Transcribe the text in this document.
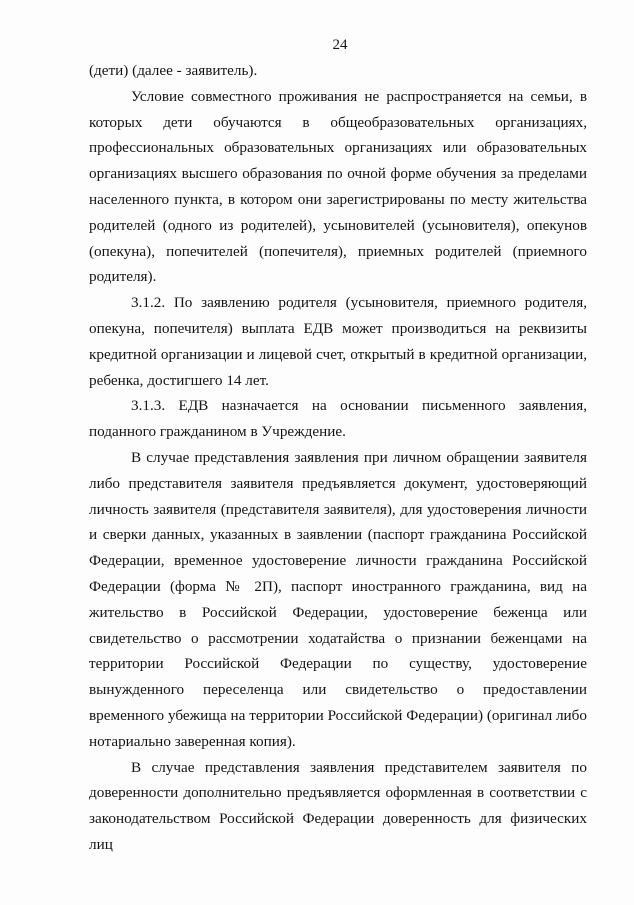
24

(дети) (далее - заявитель).

Условие совместного проживания не распространяется на семьи, в которых дети обучаются в общеобразовательных организациях, профессиональных образовательных организациях или образовательных организациях высшего образования по очной форме обучения за пределами населенного пункта, в котором они зарегистрированы по месту жительства родителей (одного из родителей), усыновителей (усыновителя), опекунов (опекуна), попечителей (попечителя), приемных родителей (приемного родителя).

3.1.2. По заявлению родителя (усыновителя, приемного родителя, опекуна, попечителя) выплата ЕДВ может производиться на реквизиты кредитной организации и лицевой счет, открытый в кредитной организации, ребенка, достигшего 14 лет.

3.1.3. ЕДВ назначается на основании письменного заявления, поданного гражданином в Учреждение.

В случае представления заявления при личном обращении заявителя либо представителя заявителя предъявляется документ, удостоверяющий личность заявителя (представителя заявителя), для удостоверения личности и сверки данных, указанных в заявлении (паспорт гражданина Российской Федерации, временное удостоверение личности гражданина Российской Федерации (форма № 2П), паспорт иностранного гражданина, вид на жительство в Российской Федерации, удостоверение беженца или свидетельство о рассмотрении ходатайства о признании беженцами на территории Российской Федерации по существу, удостоверение вынужденного переселенца или свидетельство о предоставлении временного убежища на территории Российской Федерации) (оригинал либо нотариально заверенная копия).

В случае представления заявления представителем заявителя по доверенности дополнительно предъявляется оформленная в соответствии с законодательством Российской Федерации доверенность для физических лиц
